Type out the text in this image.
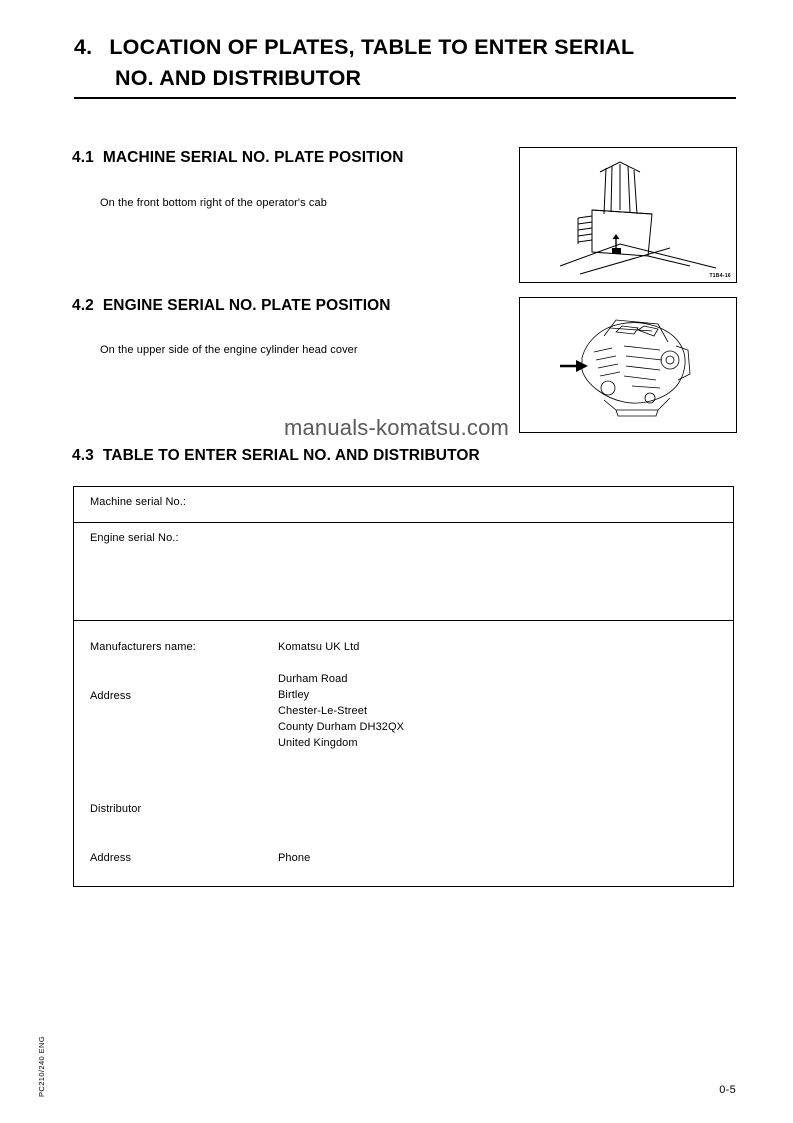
4. LOCATION OF PLATES, TABLE TO ENTER SERIAL
NO. AND DISTRIBUTOR
4.1 MACHINE SERIAL NO. PLATE POSITION
On the front bottom right of the operator's cab
T1B4-16
4.2 ENGINE SERIAL NO. PLATE POSITION
On the upper side of the engine cylinder head cover
4.3 TABLE TO ENTER SERIAL NO. AND DISTRIBUTOR
Machine serial No.:
Engine serial No.:
Manufacturers name:	Komatsu UK Ltd
Address
Durham Road
Birtley
Chester-Le-Street
County Durham DH32QX
United Kingdom
Distributor
Address	Phone
manuals-komatsu.com
0-5
PC210/240 ENG
